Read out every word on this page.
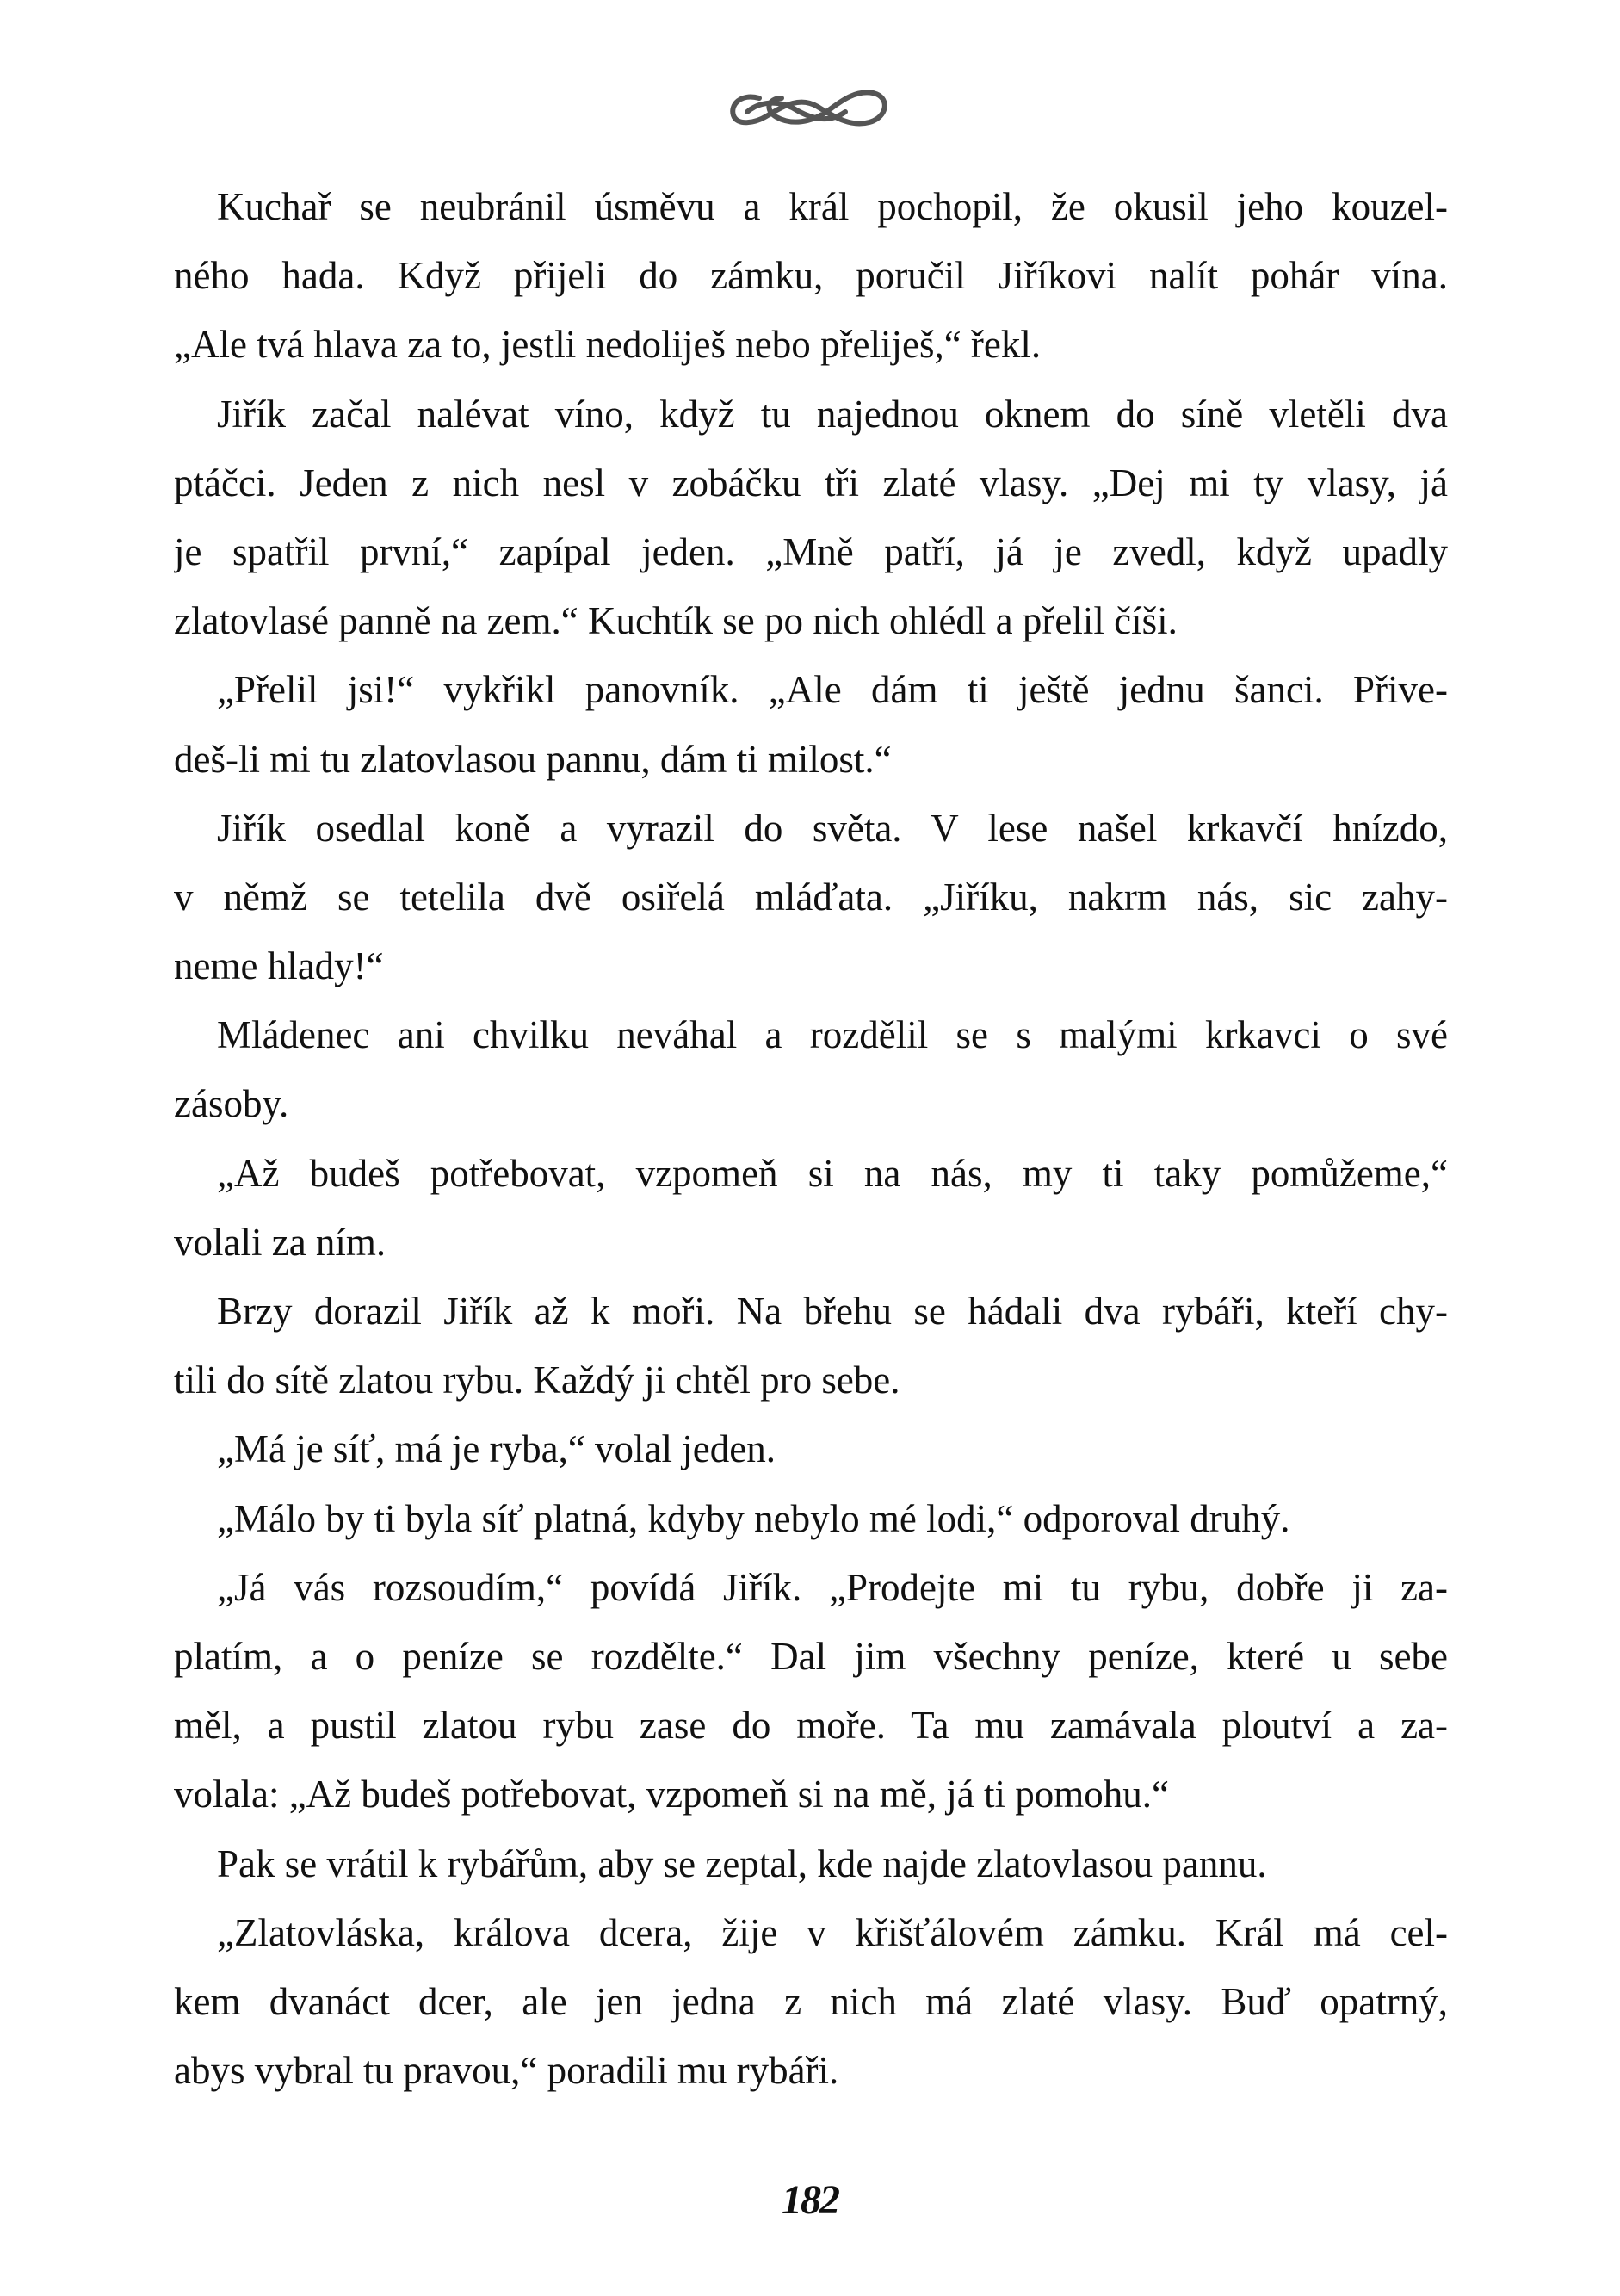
Kuchař se neubránil úsměvu a král pochopil, že okusil jeho kouzel-
ného hada. Když přijeli do zámku, poručil Jiříkovi nalít pohár vína.
„Ale tvá hlava za to, jestli nedoliješ nebo přeliješ,“ řekl.
Jiřík začal nalévat víno, když tu najednou oknem do síně vletěli dva
ptáčci. Jeden z nich nesl v zobáčku tři zlaté vlasy. „Dej mi ty vlasy, já
je spatřil první,“ zapípal jeden. „Mně patří, já je zvedl, když upadly
zlatovlasé panně na zem.“ Kuchtík se po nich ohlédl a přelil číši.
„Přelil jsi!“ vykřikl panovník. „Ale dám ti ještě jednu šanci. Přive-
deš-li mi tu zlatovlasou pannu, dám ti milost.“
Jiřík osedlal koně a vyrazil do světa. V lese našel krkavčí hnízdo,
v němž se tetelila dvě osiřelá mláďata. „Jiříku, nakrm nás, sic zahy-
neme hlady!“
Mládenec ani chvilku neváhal a rozdělil se s malými krkavci o své
zásoby.
„Až budeš potřebovat, vzpomeň si na nás, my ti taky pomůžeme,“
volali za ním.
Brzy dorazil Jiřík až k moři. Na břehu se hádali dva rybáři, kteří chy-
tili do sítě zlatou rybu. Každý ji chtěl pro sebe.
„Má je síť, má je ryba,“ volal jeden.
„Málo by ti byla síť platná, kdyby nebylo mé lodi,“ odporoval druhý.
„Já vás rozsoudím,“ povídá Jiřík. „Prodejte mi tu rybu, dobře ji za-
platím, a o peníze se rozdělte.“ Dal jim všechny peníze, které u sebe
měl, a pustil zlatou rybu zase do moře. Ta mu zamávala ploutví a za-
volala: „Až budeš potřebovat, vzpomeň si na mě, já ti pomohu.“
Pak se vrátil k rybářům, aby se zeptal, kde najde zlatovlasou pannu.
„Zlatovláska, králova dcera, žije v křišťálovém zámku. Král má cel-
kem dvanáct dcer, ale jen jedna z nich má zlaté vlasy. Buď opatrný,
abys vybral tu pravou,“ poradili mu rybáři.
182
